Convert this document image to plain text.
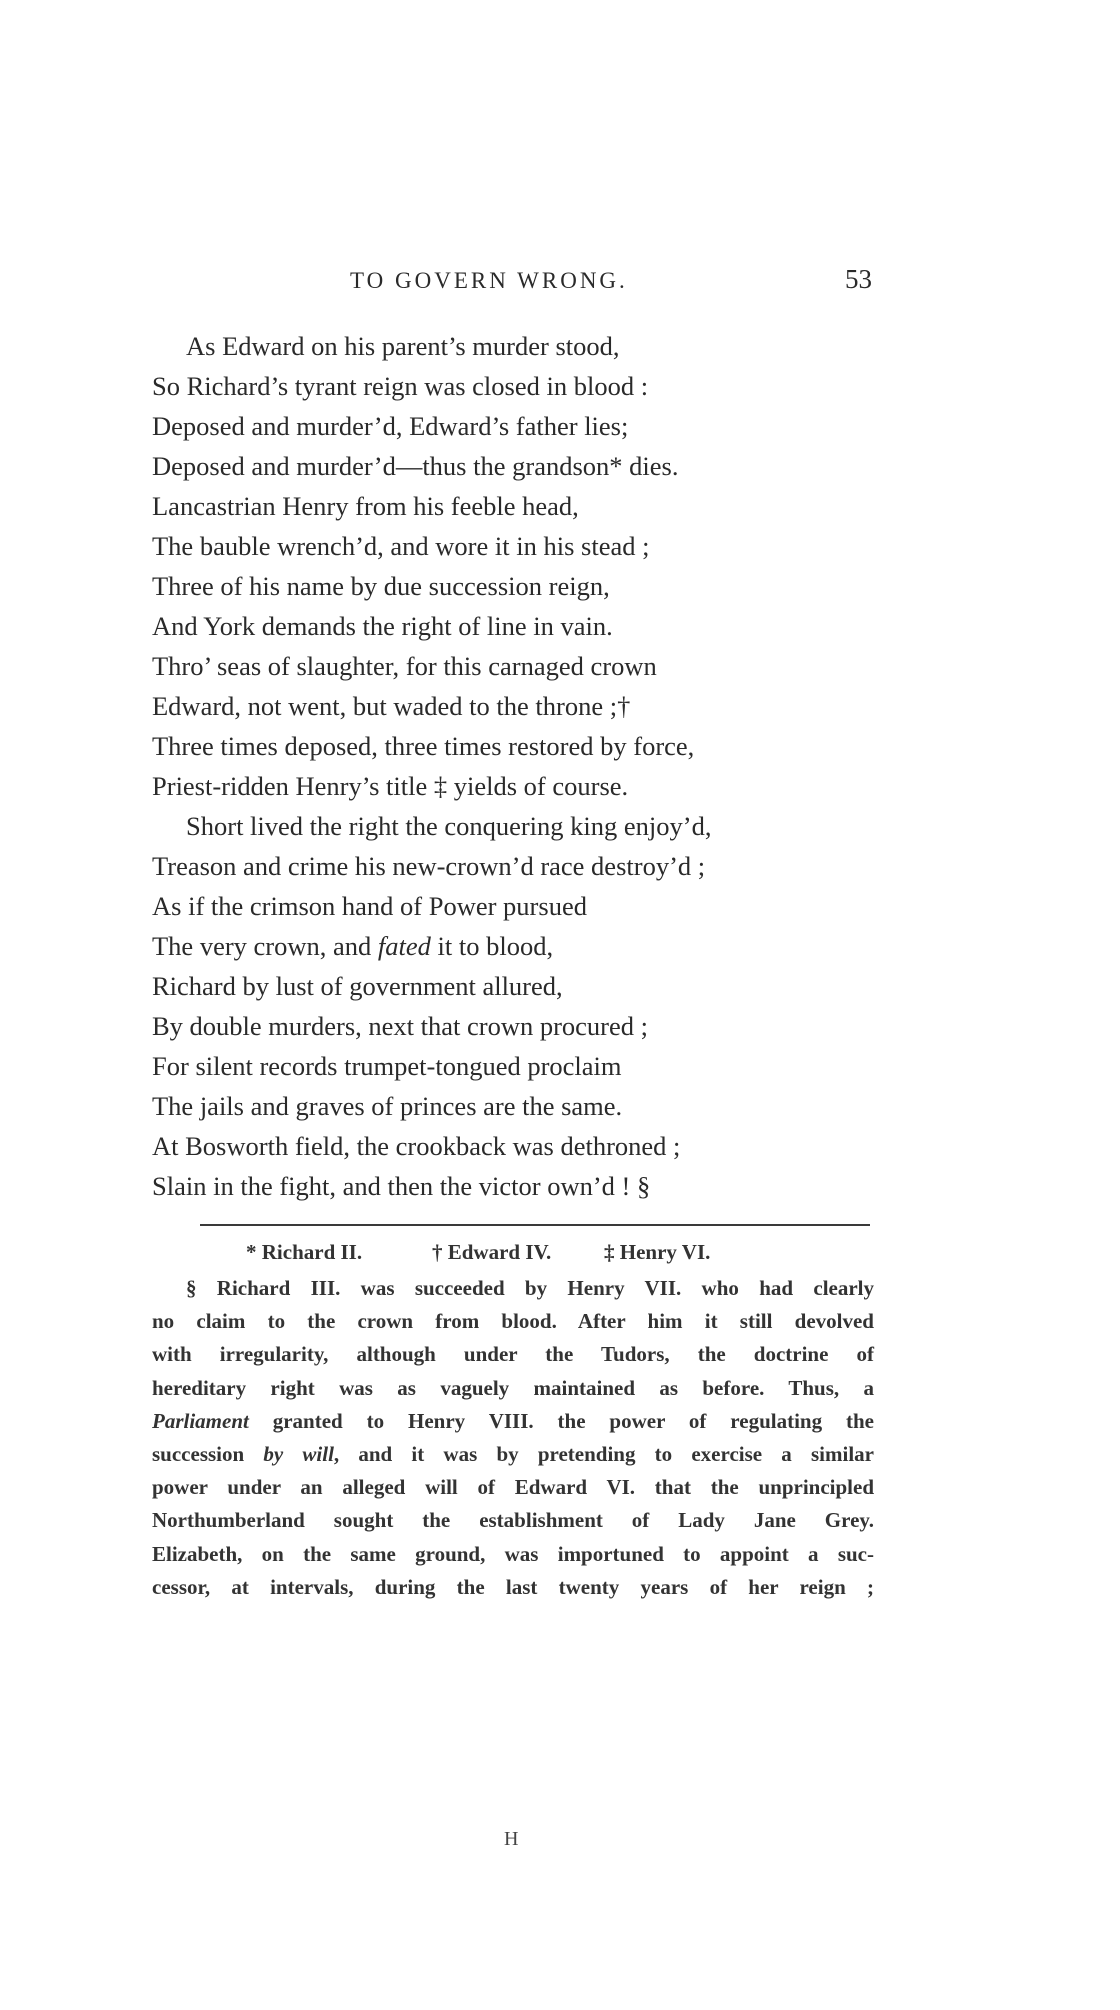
TO GOVERN WRONG.	53
As Edward on his parent’s murder stood,
So Richard’s tyrant reign was closed in blood :
Deposed and murder’d, Edward’s father lies;
Deposed and murder’d—thus the grandson* dies.
Lancastrian Henry from his feeble head,
The bauble wrench’d, and wore it in his stead ;
Three of his name by due succession reign,
And York demands the right of line in vain.
Thro’ seas of slaughter, for this carnaged crown
Edward, not went, but waded to the throne ;†
Three times deposed, three times restored by force,
Priest-ridden Henry’s title ‡ yields of course.
Short lived the right the conquering king enjoy’d,
Treason and crime his new-crown’d race destroy’d ;
As if the crimson hand of Power pursued
The very crown, and fated it to blood,
Richard by lust of government allured,
By double murders, next that crown procured ;
For silent records trumpet-tongued proclaim
The jails and graves of princes are the same.
At Bosworth field, the crookback was dethroned ;
Slain in the fight, and then the victor own’d ! §
* Richard II.	† Edward IV.	‡ Henry VI.
§ Richard III. was succeeded by Henry VII. who had clearly
no claim to the crown from blood. After him it still devolved
with irregularity, although under the Tudors, the doctrine of
hereditary right was as vaguely maintained as before. Thus, a
Parliament granted to Henry VIII. the power of regulating the
succession by will, and it was by pretending to exercise a similar
power under an alleged will of Edward VI. that the unprincipled
Northumberland sought the establishment of Lady Jane Grey.
Elizabeth, on the same ground, was importuned to appoint a suc-
cessor, at intervals, during the last twenty years of her reign ;
H
